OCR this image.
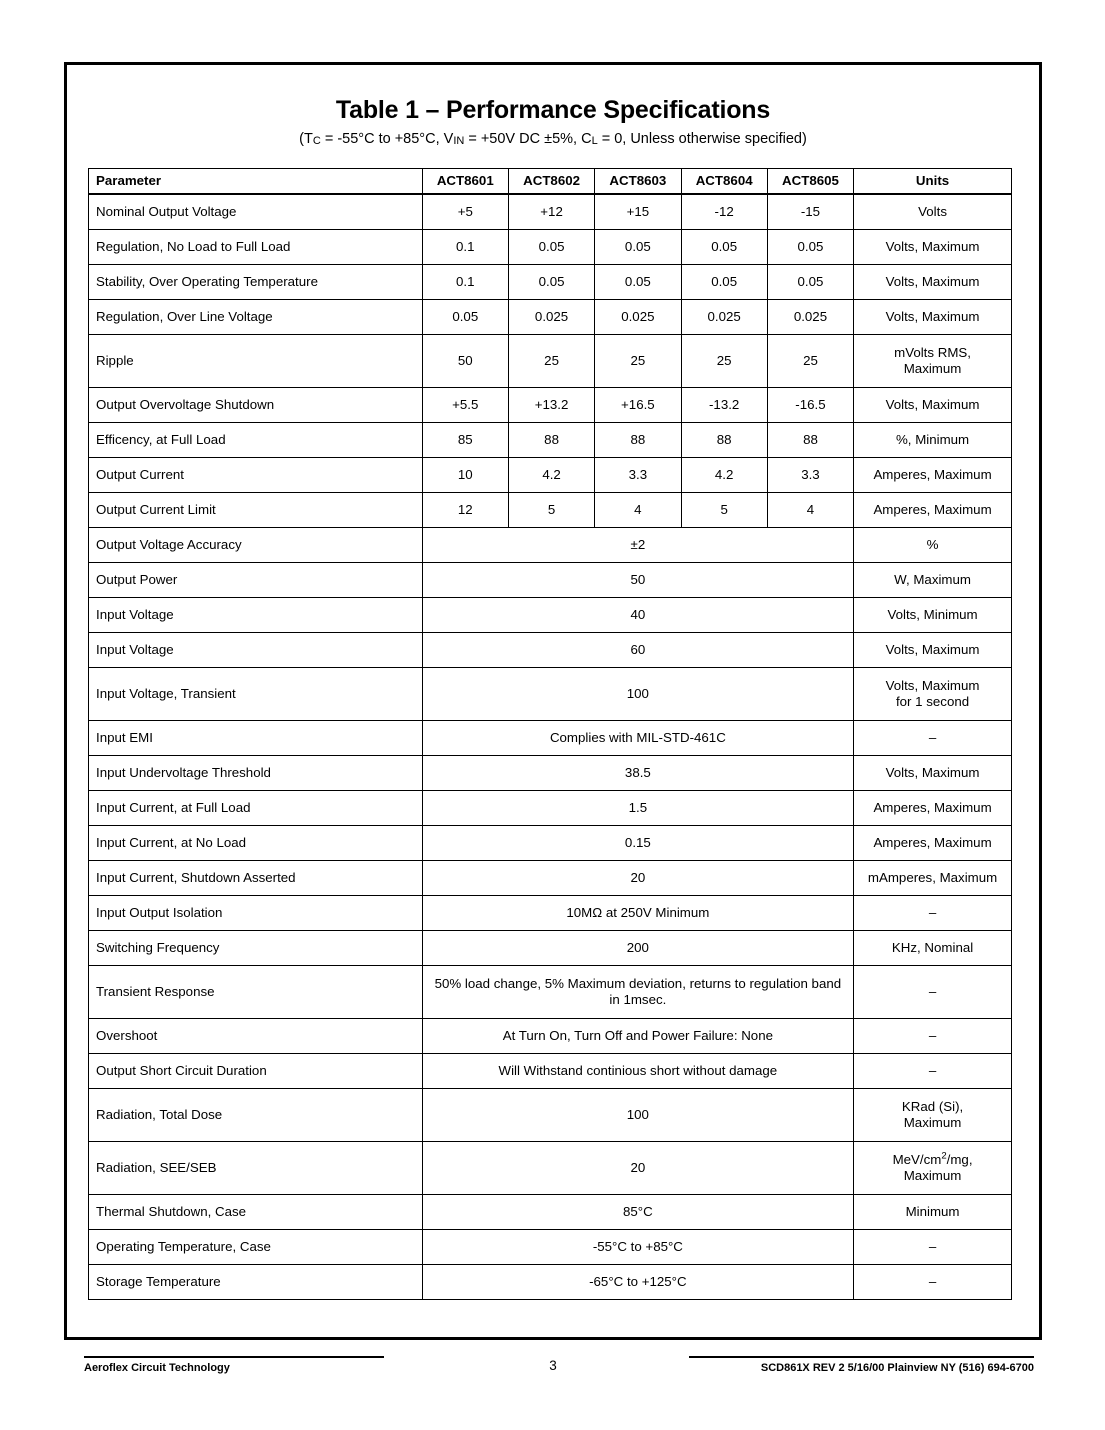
Table 1 – Performance Specifications

(TC = -55°C to +85°C, VIN = +50V DC ±5%, CL = 0, Unless otherwise specified)

Parameter	ACT8601	ACT8602	ACT8603	ACT8604	ACT8605	Units
Nominal Output Voltage	+5	+12	+15	-12	-15	Volts
Regulation, No Load to Full Load	0.1	0.05	0.05	0.05	0.05	Volts, Maximum
Stability, Over Operating Temperature	0.1	0.05	0.05	0.05	0.05	Volts, Maximum
Regulation, Over Line Voltage	0.05	0.025	0.025	0.025	0.025	Volts, Maximum
Ripple	50	25	25	25	25	mVolts RMS,
Maximum
Output Overvoltage Shutdown	+5.5	+13.2	+16.5	-13.2	-16.5	Volts, Maximum
Efficency, at Full Load	85	88	88	88	88	%, Minimum
Output Current	10	4.2	3.3	4.2	3.3	Amperes, Maximum
Output Current Limit	12	5	4	5	4	Amperes, Maximum
Output Voltage Accuracy	±2					%
Output Power	50					W, Maximum
Input Voltage	40					Volts, Minimum
Input Voltage	60					Volts, Maximum
Input Voltage, Transient	100					Volts, Maximum
for 1 second
Input EMI	Complies with MIL-STD-461C					–
Input Undervoltage Threshold	38.5					Volts, Maximum
Input Current, at Full Load	1.5					Amperes, Maximum
Input Current, at No Load	0.15					Amperes, Maximum
Input Current, Shutdown Asserted	20					mAmperes, Maximum
Input Output Isolation	10MΩ at 250V Minimum					–
Switching Frequency	200					KHz, Nominal
Transient Response	50% load change, 5% Maximum deviation, returns to regulation band in 1msec.					–
Overshoot	At Turn On, Turn Off and Power Failure: None					–
Output Short Circuit Duration	Will Withstand continious short without damage					–
Radiation, Total Dose	100					KRad (Si),
Maximum
Radiation, SEE/SEB	20					MeV/$cm^2/mg$,
Maximum
Thermal Shutdown, Case	85°C					Minimum
Operating Temperature, Case	-55°C to +85°C					–
Storage Temperature	-65°C to +125°C					–
Aeroflex Circuit Technology	3	SCD861X REV 2 5/16/00 Plainview NY (516) 694-6700
